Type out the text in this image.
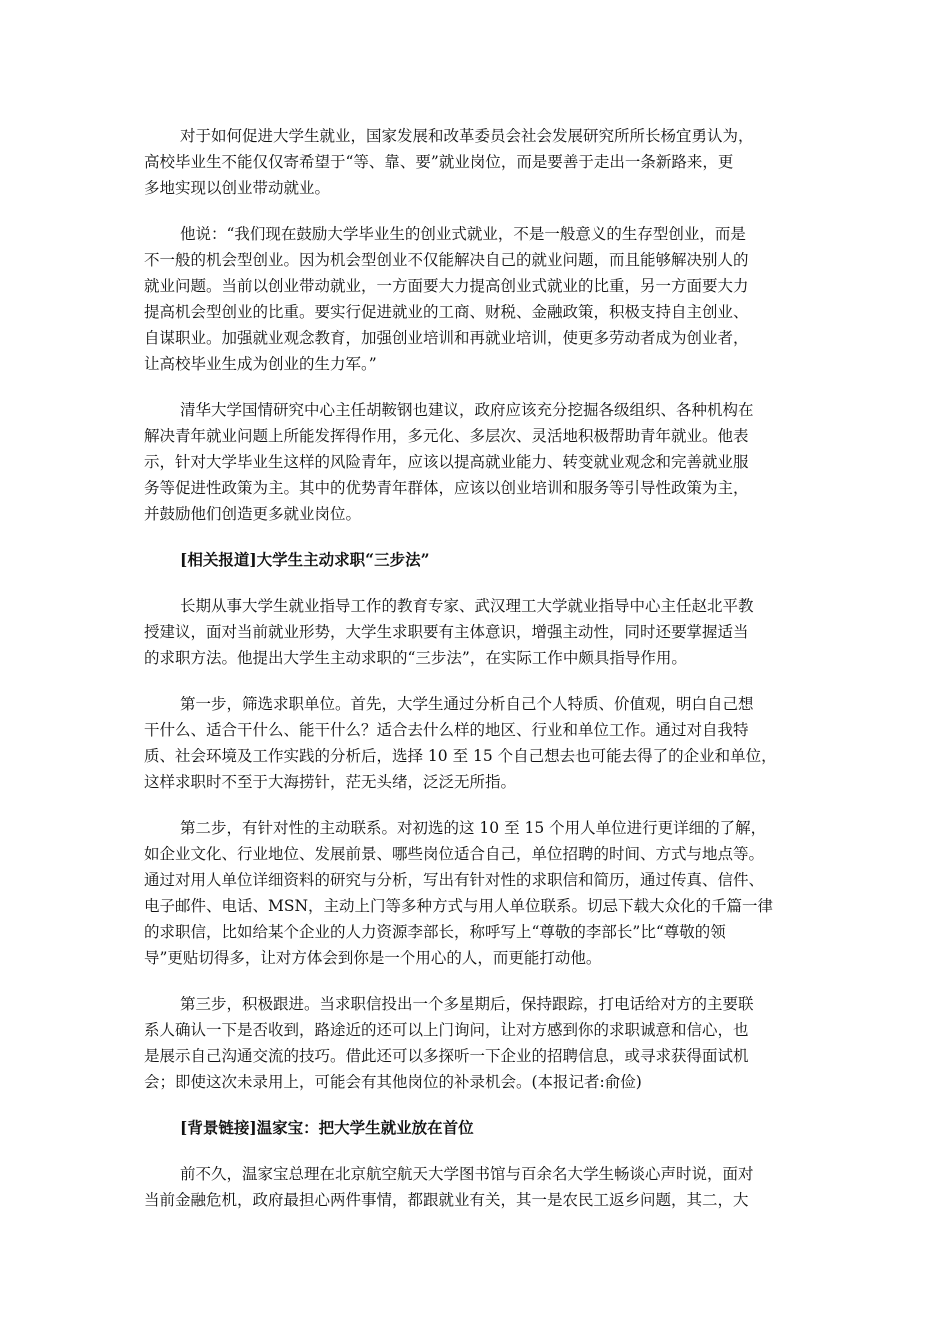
对于如何促进大学生就业，国家发展和改革委员会社会发展研究所所长杨宜勇认为，
高校毕业生不能仅仅寄希望于“等、靠、要”就业岗位，而是要善于走出一条新路来，更
多地实现以创业带动就业。

他说：“我们现在鼓励大学毕业生的创业式就业，不是一般意义的生存型创业，而是
不一般的机会型创业。因为机会型创业不仅能解决自己的就业问题，而且能够解决别人的
就业问题。当前以创业带动就业，一方面要大力提高创业式就业的比重，另一方面要大力
提高机会型创业的比重。要实行促进就业的工商、财税、金融政策，积极支持自主创业、
自谋职业。加强就业观念教育，加强创业培训和再就业培训，使更多劳动者成为创业者，
让高校毕业生成为创业的生力军。”

清华大学国情研究中心主任胡鞍钢也建议，政府应该充分挖掘各级组织、各种机构在
解决青年就业问题上所能发挥得作用，多元化、多层次、灵活地积极帮助青年就业。他表
示，针对大学毕业生这样的风险青年，应该以提高就业能力、转变就业观念和完善就业服
务等促进性政策为主。其中的优势青年群体，应该以创业培训和服务等引导性政策为主，
并鼓励他们创造更多就业岗位。

[相关报道]大学生主动求职“三步法”

长期从事大学生就业指导工作的教育专家、武汉理工大学就业指导中心主任赵北平教
授建议，面对当前就业形势，大学生求职要有主体意识，增强主动性，同时还要掌握适当
的求职方法。他提出大学生主动求职的“三步法”，在实际工作中颇具指导作用。

第一步，筛选求职单位。首先，大学生通过分析自己个人特质、价值观，明白自己想
干什么、适合干什么、能干什么？适合去什么样的地区、行业和单位工作。通过对自我特
质、社会环境及工作实践的分析后，选择 10 至 15 个自己想去也可能去得了的企业和单位，
这样求职时不至于大海捞针，茫无头绪，泛泛无所指。

第二步，有针对性的主动联系。对初选的这 10 至 15 个用人单位进行更详细的了解，
如企业文化、行业地位、发展前景、哪些岗位适合自己，单位招聘的时间、方式与地点等。
通过对用人单位详细资料的研究与分析，写出有针对性的求职信和简历，通过传真、信件、
电子邮件、电话、MSN，主动上门等多种方式与用人单位联系。切忌下载大众化的千篇一律
的求职信，比如给某个企业的人力资源李部长，称呼写上“尊敬的李部长”比“尊敬的领
导”更贴切得多，让对方体会到你是一个用心的人，而更能打动他。

第三步，积极跟进。当求职信投出一个多星期后，保持跟踪，打电话给对方的主要联
系人确认一下是否收到，路途近的还可以上门询问，让对方感到你的求职诚意和信心，也
是展示自己沟通交流的技巧。借此还可以多探听一下企业的招聘信息，或寻求获得面试机
会；即使这次未录用上，可能会有其他岗位的补录机会。(本报记者:俞俭)

[背景链接]温家宝：把大学生就业放在首位

前不久，温家宝总理在北京航空航天大学图书馆与百余名大学生畅谈心声时说，面对
当前金融危机，政府最担心两件事情，都跟就业有关，其一是农民工返乡问题，其二，大
